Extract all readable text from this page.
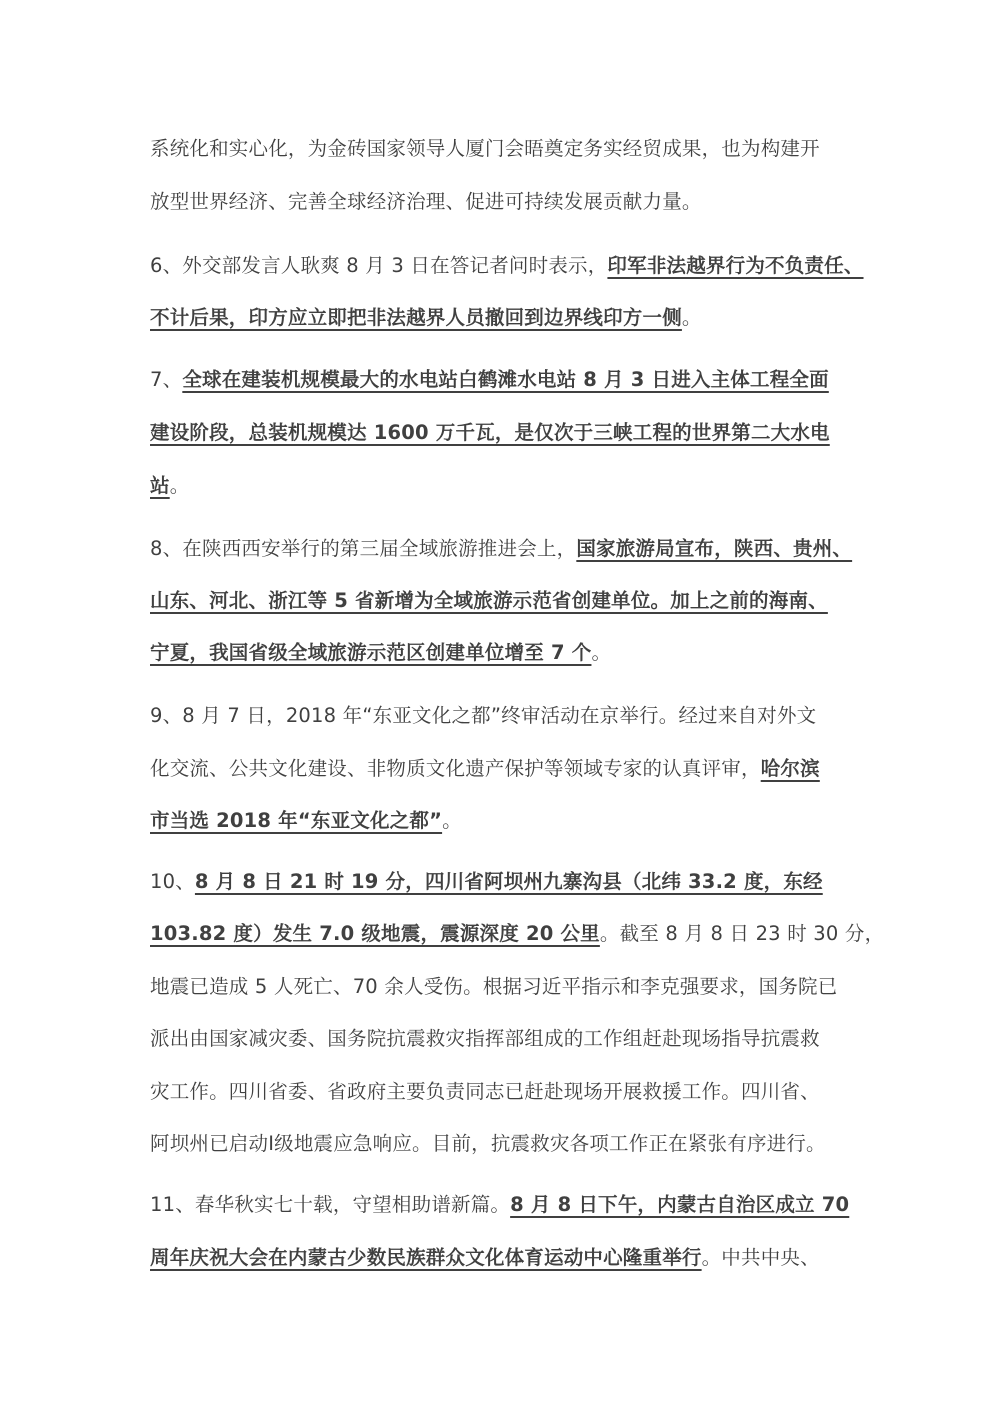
系统化和实心化，为金砖国家领导人厦门会晤奠定务实经贸成果，也为构建开
放型世界经济、完善全球经济治理、促进可持续发展贡献力量。
6、外交部发言人耿爽 8 月 3 日在答记者问时表示，印军非法越界行为不负责任、
不计后果，印方应立即把非法越界人员撤回到边界线印方一侧。
7、全球在建装机规模最大的水电站白鹤滩水电站 8 月 3 日进入主体工程全面
建设阶段，总装机规模达 1600 万千瓦，是仅次于三峡工程的世界第二大水电
站。
8、在陕西西安举行的第三届全域旅游推进会上，国家旅游局宣布，陕西、贵州、
山东、河北、浙江等 5 省新增为全域旅游示范省创建单位。加上之前的海南、
宁夏，我国省级全域旅游示范区创建单位增至 7 个。
9、8 月 7 日，2018 年“东亚文化之都”终审活动在京举行。经过来自对外文
化交流、公共文化建设、非物质文化遗产保护等领域专家的认真评审，哈尔滨
市当选 2018 年“东亚文化之都”。
10、8 月 8 日 21 时 19 分，四川省阿坝州九寨沟县（北纬 33.2 度，东经
103.82 度）发生 7.0 级地震，震源深度 20 公里。截至 8 月 8 日 23 时 30 分，
地震已造成 5 人死亡、70 余人受伤。根据习近平指示和李克强要求，国务院已
派出由国家减灾委、国务院抗震救灾指挥部组成的工作组赶赴现场指导抗震救
灾工作。四川省委、省政府主要负责同志已赶赴现场开展救援工作。四川省、
阿坝州已启动Ⅰ级地震应急响应。目前，抗震救灾各项工作正在紧张有序进行。
11、春华秋实七十载，守望相助谱新篇。8 月 8 日下午，内蒙古自治区成立 70
周年庆祝大会在内蒙古少数民族群众文化体育运动中心隆重举行。中共中央、
